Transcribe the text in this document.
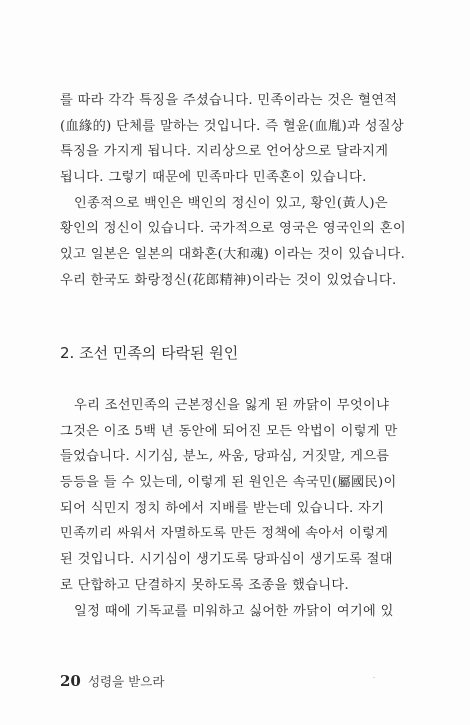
를 따라 각각 특징을 주셨습니다. 민족이라는 것은 혈연적
(血緣的) 단체를 말하는 것입니다. 즉 혈윤(血胤)과 성질상
특징을 가지게 됩니다. 지리상으로 언어상으로 달라지게
됩니다. 그렇기 때문에 민족마다 민족혼이 있습니다.
인종적으로 백인은 백인의 정신이 있고, 황인(黃人)은
황인의 정신이 있습니다. 국가적으로 영국은 영국인의 혼이
있고 일본은 일본의 대화혼(大和魂) 이라는 것이 있습니다.
우리 한국도 화랑정신(花郎精神)이라는 것이 있었습니다.
2. 조선 민족의 타락된 원인
우리 조선민족의 근본정신을 잃게 된 까닭이 무엇이냐
그것은 이조 5백 년 동안에 되어진 모든 악법이 이렇게 만
들었습니다. 시기심, 분노, 싸움, 당파심, 거짓말, 게으름
등등을 들 수 있는데, 이렇게 된 원인은 속국민(屬國民)이
되어 식민지 정치 하에서 지배를 받는데 있습니다. 자기
민족끼리 싸워서 자멸하도록 만든 정책에 속아서 이렇게
된 것입니다. 시기심이 생기도록 당파심이 생기도록 절대
로 단합하고 단결하지 못하도록 조종을 했습니다.
일정 때에 기독교를 미워하고 싫어한 까닭이 여기에 있
20 성령을 받으라
